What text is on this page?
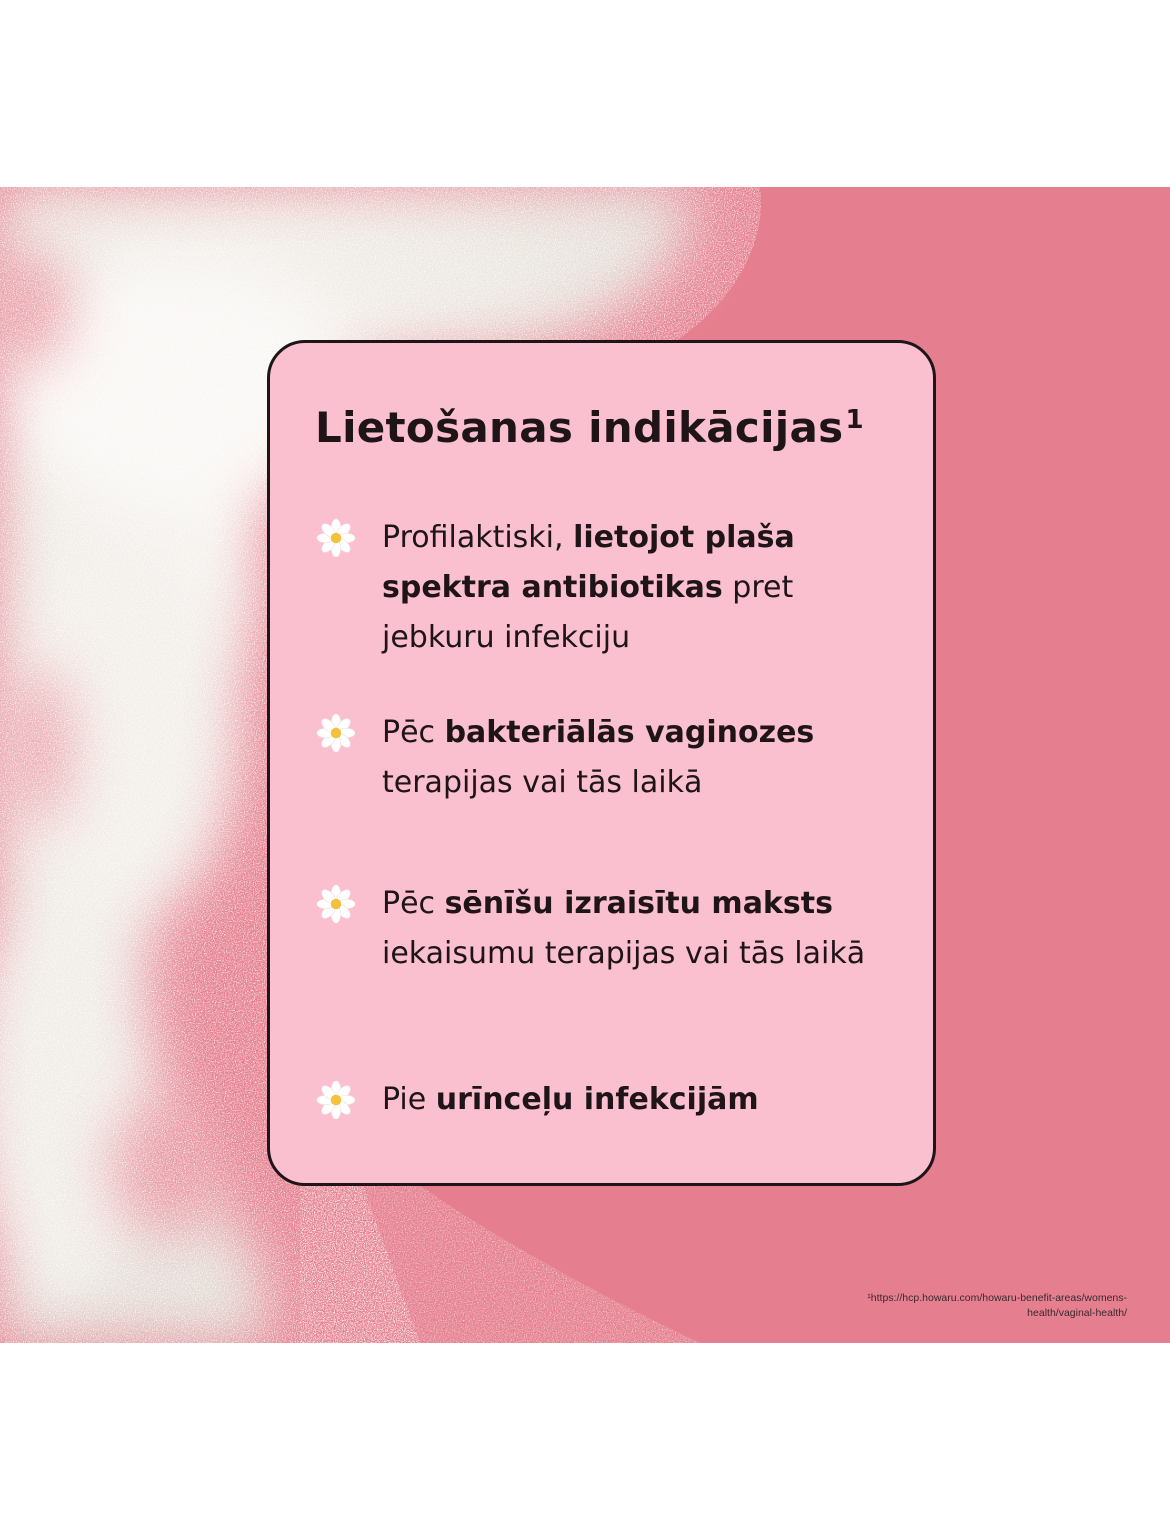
Lietošanas indikācijas$^1$

Profilaktiski, lietojot plaša spektra antibiotikas pret jebkuru infekciju

Pēc bakteriālās vaginozes terapijas vai tās laikā

Pēc sēnīšu izraisītu maksts iekaisumu terapijas vai tās laikā

Pie urīnceļu infekcijām

¹https://hcp.howaru.com/howaru-benefit-areas/womens-
health/vaginal-health/
